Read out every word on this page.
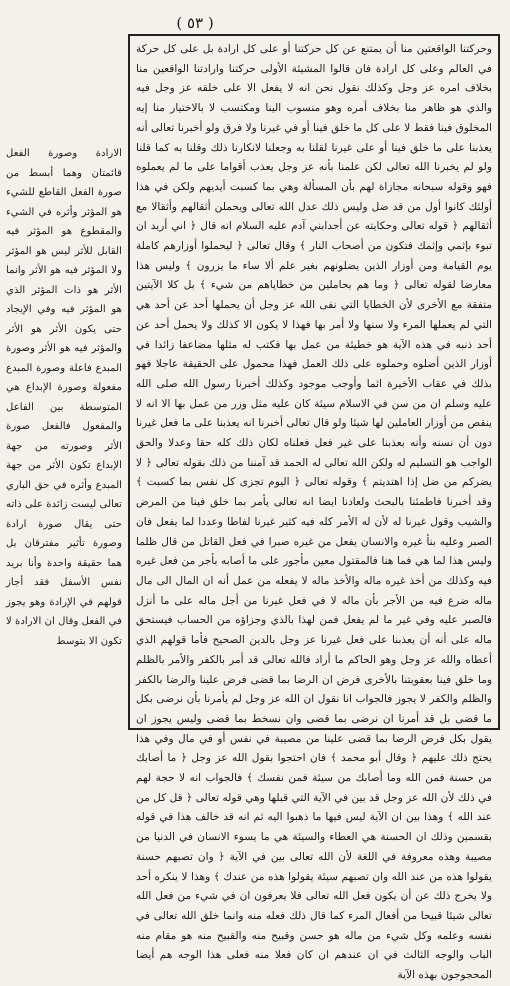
( ٥٣ )

وحركتنا الواقعتين منا أن يمتنع عن كل حركتنا أو على كل ارادة بل على كل حركة في العالم وعلى كل ارادة فان قالوا المشيئة الأولى حركتنا وارادتنا الواقعين منا بخلاف امره عز وجل وكذلك نقول نحن انه لا يفعل الا على خلقه عز وجل فيه والذي هو ظاهر منا بخلاف أمره وهو منسوب الينا ومكتسب لا بالاختيار منا إيه المخلوق فينا فقط لا على كل ما خلق فينا أو في غيرنا ولا فرق ولو أخبرنا تعالى أنه يعذبنا على ما خلق فينا أو على غيرنا لقلنا به وجعلنا لانكارنا ذلك وقلنا به كما قلنا ولو لم يخبرنا الله تعالى لكن علمنا بأنه عز وجل يعذب أقواما على ما لم يعملوه فهو وقوله سبحانه مجازاة لهم بأن المسألة وهي بما كسبت أيديهم ولكن في هذا أولئك كانوا أول من قد ضل وليس ذلك عدل الله تعالى ويحملن أثقالهم وأثقالا مع أثقالهم ﴿ قوله تعالى وحكايته عن أحدابني آدم عليه السلام انه قال ﴿ اني أريد ان تبوء بإثمي وإثمك فتكون من أصحاب النار ﴾ وقال تعالى ﴿ ليحملوا أوزارهم كاملة يوم القيامة ومن أوزار الذين يضلونهم بغير علم ألا ساء ما يزرون ﴾ وليس هذا معارضا لقوله تعالى ﴿ وما هم بحاملين من خطاياهم من شيء ﴾ بل كلا الآيتين متفقة مع الأخرى لأن الخطايا التي نفى الله عز وجل أن يحملها أحد عن أحد هي التي لم يعملها المرء ولا سنها ولا أمر بها فهذا لا يكون الا كذلك ولا يحمل أحد عن أحد ذنبه في هذه الآية هو خطيئة من عمل بها فكتب له مثلها مضاعفا زائدا في أوزار الذين أضلوه وحملوه على ذلك العمل فهذا محمول على الحقيقة عاجلا فهو بذلك في عقاب الأخيرة اثما وأوجب موجود وكذلك أخبرنا رسول الله صلى الله عليه وسلم ان من سن في الاسلام سيئة كان عليه مثل وزر من عمل بها الا انه لا ينقص من أوزار العاملين لها شيئا ولو قال تعالى أخبرنا انه يعذبنا على ما فعل غيرنا دون أن نسنه وأنه بعذبنا على غير فعل فعلناه لكان ذلك كله حقا وعدلا والحق الواجب هو التسليم له ولكن الله تعالى له الحمد قد آمننا من ذلك بقوله تعالى ﴿ لا يضركم من ضل إذا اهتديتم ﴾ وقوله تعالى ﴿ اليوم تجزى كل نفس بما كسبت ﴾ وقد أخبرنا فاطمئنا بالبحث ولعادنا ايضا انه تعالى يأمر بما خلق فينا من المرض والشيب وقول غيرنا له لأن له الأمر كله فيه كثير غيرنا لفاطا وعددا لما يفعل فان الصبر وعليه بنأ غيره والانسان يفعل من غيره صبرا في فعل القاتل من قال ظلما وليس هذا لما هي فما هنا فالمقتول معين مأجور على ما أصابه بأجر من فعل غيره فيه وكذلك من أخذ غيره ماله والأخذ ماله لا يفعله من عمل أنه ان المال الى مال ماله ضرع فيه من الأجر بأن ماله لا في فعل غيرنا من أجل ماله على ما أنزل فالصبر عليه وفي غير ما لم يفعل فمن لهذا بالذي وجزاؤه من الحساب فيستحق ماله على أنه أن يعذبنا على فعل غيرنا عز وجل بالدين الصحيح فأما قولهم الذي أعطاه والله عز وجل وهو الحاكم ما أراد فالله تعالى قد أمر بالكفر والأمر بالظلم وما خلق فينا بعقوبتنا بالأخرى فرض ان الرضا بما قضى فرض علينا والرضا بالكفر والظلم والكفر لا يجوز فالجواب انا نقول ان الله عز وجل لم يأمرنا بأن نرضى بكل ما قضى بل قد أمرنا ان نرضى بما قضى وان نسخط بما قضى وليس يجوز ان يقول بكل فرض الرضا بما قضى علينا من مصيبة في نفس أو في مال وفي هذا يحتج ذلك عليهم ﴿ وقال أبو محمد ﴾ فان احتجوا بقول الله عز وجل ﴿ ما أصابك من حسنة فمن الله وما أصابك من سيئة فمن نفسك ﴾ فالجواب انه لا حجة لهم في ذلك لأن الله عز وجل قد بين في الآية التي قبلها وهي قوله تعالى ﴿ قل كل من عند الله ﴾ وهذا بين ان الآية ليس فيها ما ذهبوا اليه ثم انه قد خالف هذا في قوله بقسمين وذلك ان الحسنة هي العطاء والسيئة هي ما يسوء الانسان في الدنيا من مصيبة وهذه معروفة في اللغة لأن الله تعالى بين في الآية ﴿ وان تصبهم حسنة يقولوا هذه من عند الله وان تصبهم سيئة يقولوا هذه من عندك ﴾ وهذا لا ينكره أحد ولا يخرج ذلك عن أن يكون فعل الله تعالى فلا يعرفون ان في شيء من فعل الله تعالى شيئا قبيحا من أفعال المرء كما قال ذلك فعله منه وانما خلق الله تعالى في نفسه وعلمه وكل شيء من ماله هو حسن وقبيح منه والقبيح منه هو مقام منه الباب والوجه الثالث في ان عندهم ان كان فعلا منه فعلى هذا الوجه هم أيضا المحجوجون بهذه الآية

الارادة وصورة الفعل قائمتان وهما أبسط من صورة الفعل القاطع للشيء هو المؤثر وأثره في الشيء والمقطوع هو المؤثر فيه القابل للأثر ليس هو المؤثر ولا المؤثر فيه هو الأثر وانما الأثر هو ذات المؤثر الذي هو المؤثر فيه وفي الإيجاد حتى يكون الأثر هو الأثر والمؤثر فيه هو الأثر وصورة المبدع فاعلة وصورة المبدع مفعولة وصورة الإبداع هي المتوسطة بين الفاعل والمفعول فالفعل صورة الأثر وصورته من جهة الإبداع تكون الأثر من جهة المبدع وأثره في حق الباري تعالى ليست زائدة على ذاته حتى يقال صورة ارادة وصورة تأثير مفترقان بل هما حقيقة واحدة وأنا بريد نفس الأسفل فقد أجاز قولهم في الإرادة وهو يجوز في الفعل وقال ان الارادة لا تكون الا بتوسط
